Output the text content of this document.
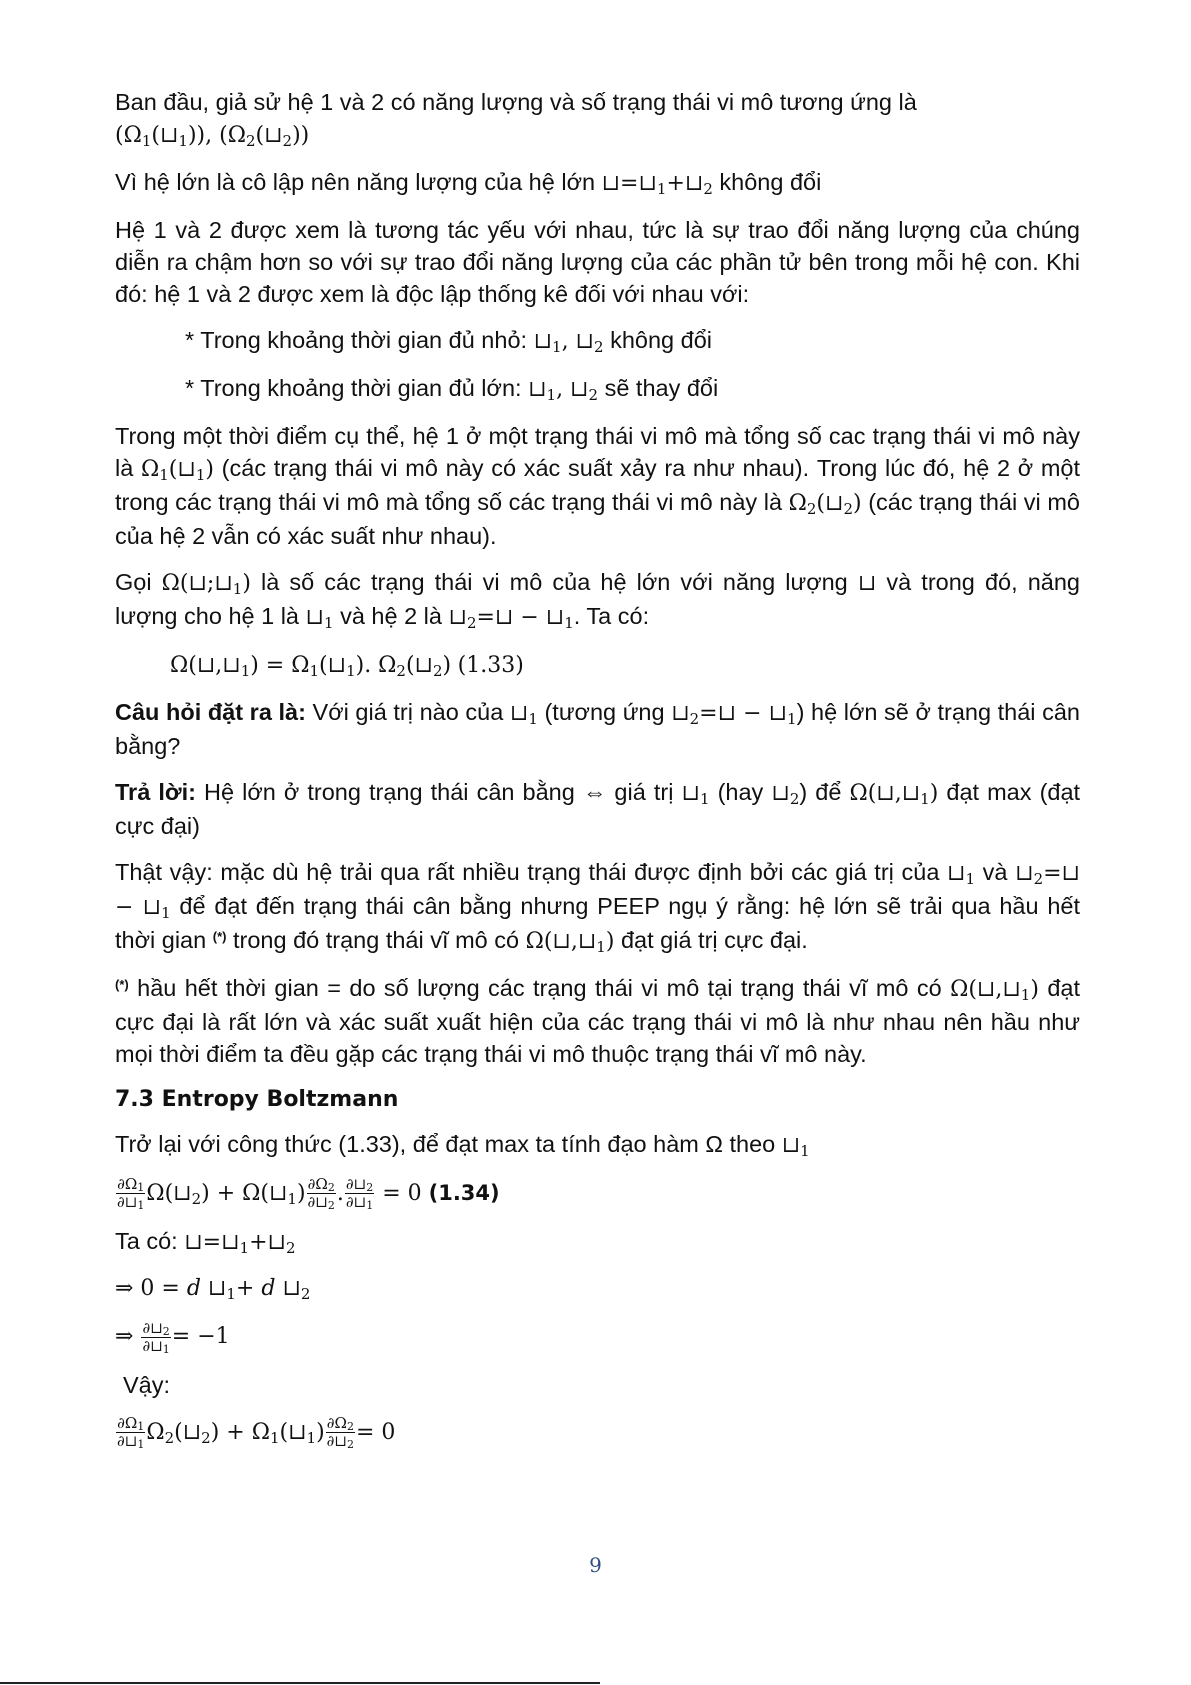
Ban đầu, giả sử hệ 1 và 2 có năng lượng và số trạng thái vi mô tương ứng là
$(\Omega_1(⊔_1))$, $(\Omega_2(⊔_2))$

Vì hệ lớn là cô lập nên năng lượng của hệ lớn $⊔=⊔_1+⊔_2$ không đổi

Hệ 1 và 2 được xem là tương tác yếu với nhau, tức là sự trao đổi năng lượng của chúng diễn ra chậm hơn so với sự trao đổi năng lượng của các phần tử bên trong mỗi hệ con. Khi đó: hệ 1 và 2 được xem là độc lập thống kê đối với nhau với:

* Trong khoảng thời gian đủ nhỏ: $⊔_1$, $⊔_2$ không đổi

* Trong khoảng thời gian đủ lớn: $⊔_1$, $⊔_2$ sẽ thay đổi

Trong một thời điểm cụ thể, hệ 1 ở một trạng thái vi mô mà tổng số cac trạng thái vi mô này là $\Omega_1(⊔_1)$ (các trạng thái vi mô này có xác suất xảy ra như nhau). Trong lúc đó, hệ 2 ở một trong các trạng thái vi mô mà tổng số các trạng thái vi mô này là $\Omega_2(⊔_2)$ (các trạng thái vi mô của hệ 2 vẫn có xác suất như nhau).

Gọi $\Omega(⊔;⊔_1)$ là số các trạng thái vi mô của hệ lớn với năng lượng ⊔ và trong đó, năng lượng cho hệ 1 là $⊔_1$ và hệ 2 là $⊔_2=⊔$ − $⊔_1$. Ta có:

$\Omega(⊔,⊔_1)$ = $\Omega_1(⊔_1)$. $\Omega_2(⊔_2)$ (1.33)

Câu hỏi đặt ra là: Với giá trị nào của $⊔_1$ (tương ứng $⊔_2=⊔$ − $⊔_1$) hệ lớn sẽ ở trạng thái cân bằng?

Trả lời: Hệ lớn ở trong trạng thái cân bằng ⇔ giá trị $⊔_1$ (hay $⊔_2$) để $\Omega(⊔,⊔_1)$ đạt max (đạt cực đại)

Thật vậy: mặc dù hệ trải qua rất nhiều trạng thái được định bởi các giá trị của $⊔_1$ và $⊔_2=⊔$ − $⊔_1$ để đạt đến trạng thái cân bằng nhưng PEEP ngụ ý rằng: hệ lớn sẽ trải qua hầu hết thời gian (*) trong đó trạng thái vĩ mô có $\Omega(⊔,⊔_1)$ đạt giá trị cực đại.

(*) hầu hết thời gian = do số lượng các trạng thái vi mô tại trạng thái vĩ mô có $\Omega(⊔,⊔_1)$ đạt cực đại là rất lớn và xác suất xuất hiện của các trạng thái vi mô là như nhau nên hầu như mọi thời điểm ta đều gặp các trạng thái vi mô thuộc trạng thái vĩ mô này.

7.3 Entropy Boltzmann

Trở lại với công thức (1.33), để đạt max ta tính đạo hàm Ω theo $⊔_1$

$\frac{\partial\Omega_1}{\partial⊔_1}$ $\Omega(⊔_2)$ + $\Omega(⊔_1) \frac{\partial\Omega_2}{\partial⊔_2}$ . $\frac{\partial⊔_2}{\partial⊔_1} = 0$ (1.34)

Ta có: $⊔=⊔_1+⊔_2$

⇒ 0 = d $⊔_1+ d$ $⊔_2$
⇒ $\frac{\partial⊔_2}{\partial⊔_1} = -1$

Vậy:

$\frac{\partial\Omega_1}{\partial⊔_1}$ $\Omega_2(⊔_2)$ + $\Omega_1(⊔_1) \frac{\partial\Omega_2}{\partial⊔_2} = 0$
9
